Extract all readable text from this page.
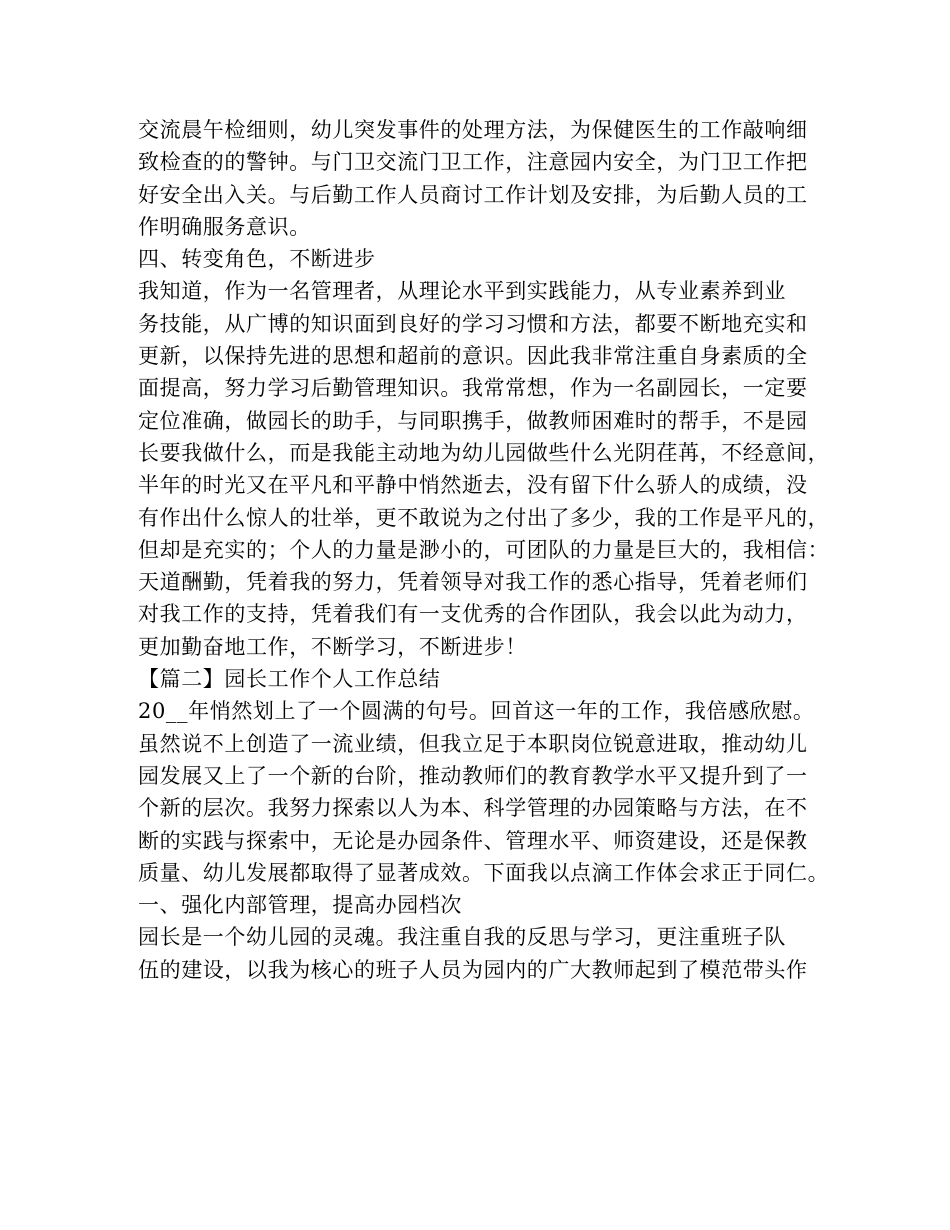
交流晨午检细则，幼儿突发事件的处理方法，为保健医生的工作敲响细
致检查的的警钟。与门卫交流门卫工作，注意园内安全，为门卫工作把
好安全出入关。与后勤工作人员商讨工作计划及安排，为后勤人员的工
作明确服务意识。
四、转变角色，不断进步
我知道，作为一名管理者，从理论水平到实践能力，从专业素养到业
务技能，从广博的知识面到良好的学习习惯和方法，都要不断地充实和
更新，以保持先进的思想和超前的意识。因此我非常注重自身素质的全
面提高，努力学习后勤管理知识。我常常想，作为一名副园长，一定要
定位准确，做园长的助手，与同职携手，做教师困难时的帮手，不是园
长要我做什么，而是我能主动地为幼儿园做些什么光阴荏苒，不经意间，
半年的时光又在平凡和平静中悄然逝去，没有留下什么骄人的成绩，没
有作出什么惊人的壮举，更不敢说为之付出了多少，我的工作是平凡的，
但却是充实的；个人的力量是渺小的，可团队的力量是巨大的，我相信：
天道酬勤，凭着我的努力，凭着领导对我工作的悉心指导，凭着老师们
对我工作的支持，凭着我们有一支优秀的合作团队，我会以此为动力，
更加勤奋地工作，不断学习，不断进步！
【篇二】园长工作个人工作总结
20__年悄然划上了一个圆满的句号。回首这一年的工作，我倍感欣慰。
虽然说不上创造了一流业绩，但我立足于本职岗位锐意进取，推动幼儿
园发展又上了一个新的台阶，推动教师们的教育教学水平又提升到了一
个新的层次。我努力探索以人为本、科学管理的办园策略与方法，在不
断的实践与探索中，无论是办园条件、管理水平、师资建设，还是保教
质量、幼儿发展都取得了显著成效。下面我以点滴工作体会求正于同仁。
一、强化内部管理，提高办园档次
园长是一个幼儿园的灵魂。我注重自我的反思与学习，更注重班子队
伍的建设，以我为核心的班子人员为园内的广大教师起到了模范带头作
